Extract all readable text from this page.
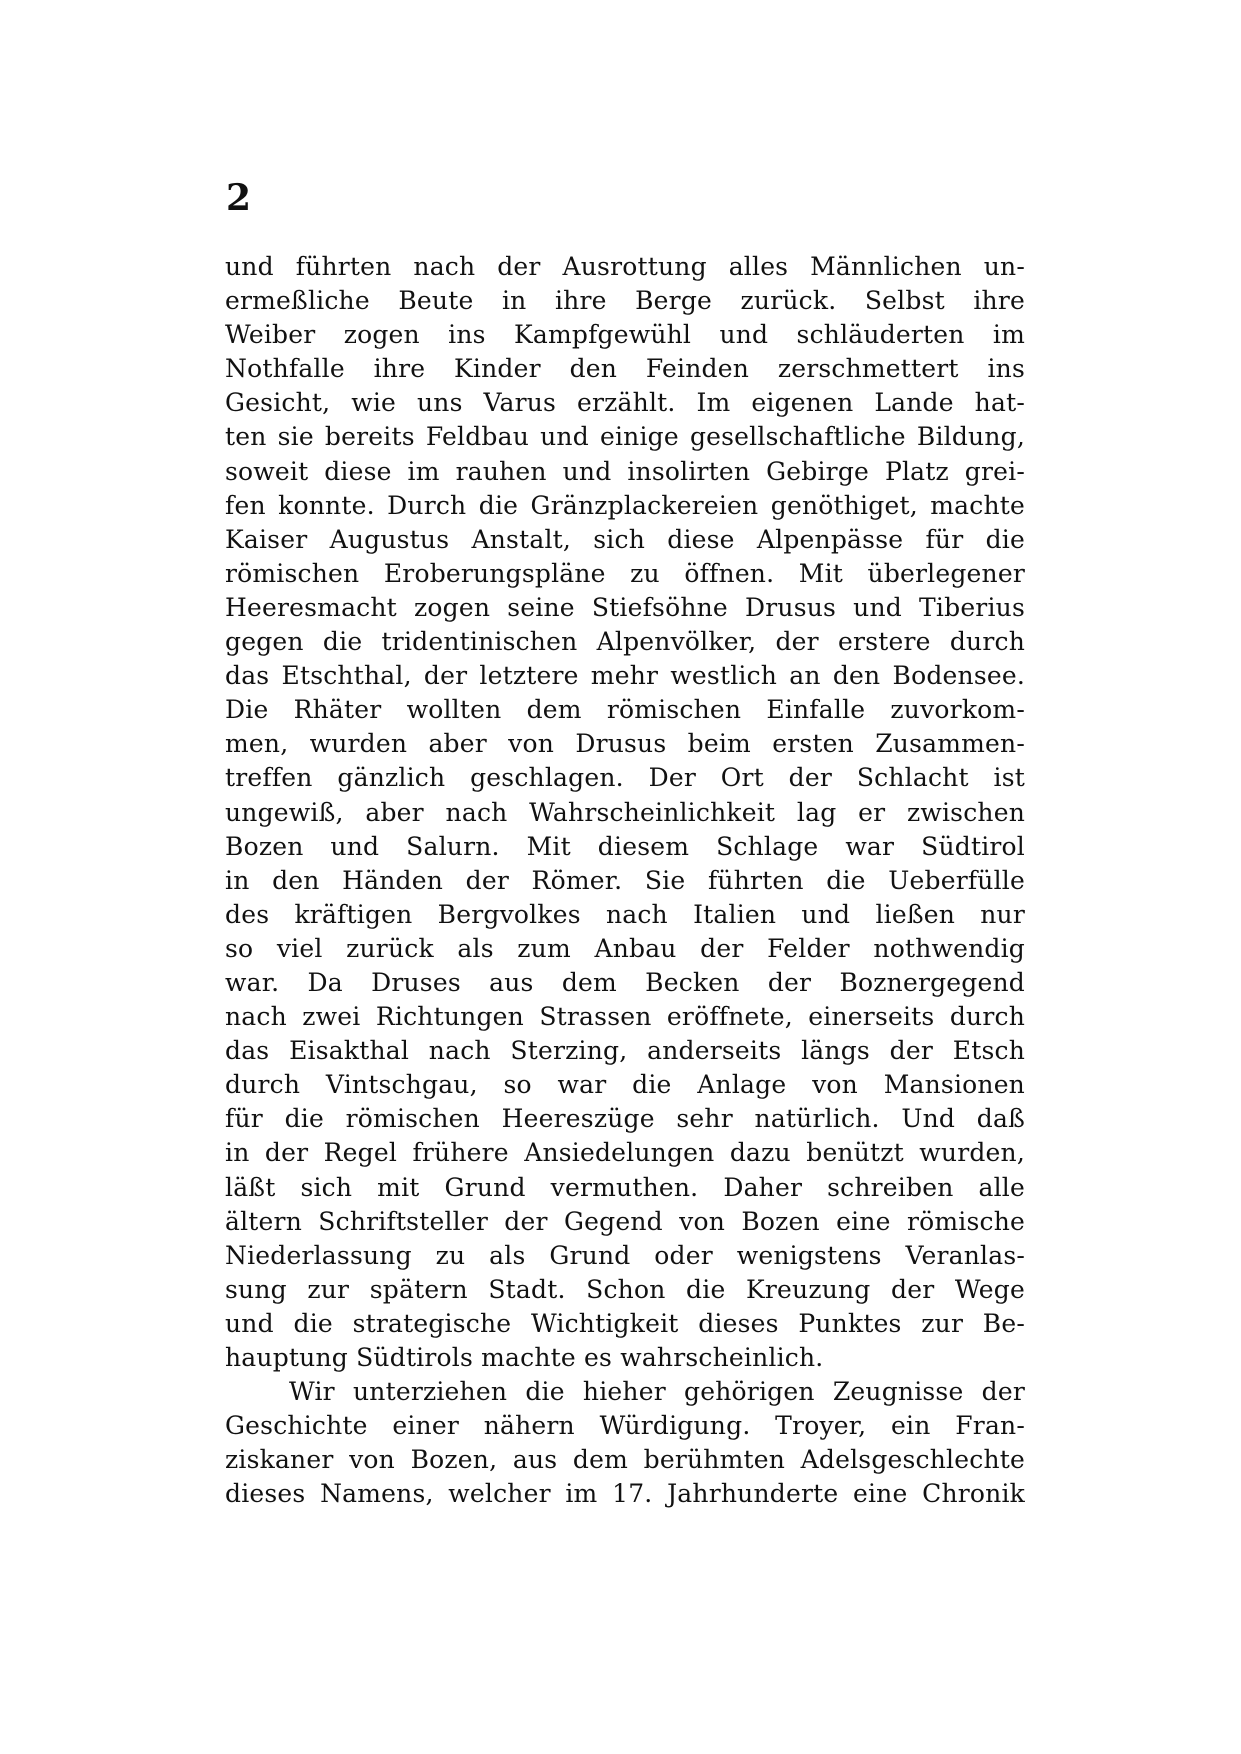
2
und führten nach der Ausrottung alles Männlichen un-
ermeßliche Beute in ihre Berge zurück. Selbst ihre
Weiber zogen ins Kampfgewühl und schläuderten im
Nothfalle ihre Kinder den Feinden zerschmettert ins
Gesicht, wie uns Varus erzählt. Im eigenen Lande hat-
ten sie bereits Feldbau und einige gesellschaftliche Bildung,
soweit diese im rauhen und insolirten Gebirge Platz grei-
fen konnte. Durch die Gränzplackereien genöthiget, machte
Kaiser Augustus Anstalt, sich diese Alpenpässe für die
römischen Eroberungspläne zu öffnen. Mit überlegener
Heeresmacht zogen seine Stiefsöhne Drusus und Tiberius
gegen die tridentinischen Alpenvölker, der erstere durch
das Etschthal, der letztere mehr westlich an den Bodensee.
Die Rhäter wollten dem römischen Einfalle zuvorkom-
men, wurden aber von Drusus beim ersten Zusammen-
treffen gänzlich geschlagen. Der Ort der Schlacht ist
ungewiß, aber nach Wahrscheinlichkeit lag er zwischen
Bozen und Salurn. Mit diesem Schlage war Südtirol
in den Händen der Römer. Sie führten die Ueberfülle
des kräftigen Bergvolkes nach Italien und ließen nur
so viel zurück als zum Anbau der Felder nothwendig
war. Da Druses aus dem Becken der Boznergegend
nach zwei Richtungen Strassen eröffnete, einerseits durch
das Eisakthal nach Sterzing, anderseits längs der Etsch
durch Vintschgau, so war die Anlage von Mansionen
für die römischen Heereszüge sehr natürlich. Und daß
in der Regel frühere Ansiedelungen dazu benützt wurden,
läßt sich mit Grund vermuthen. Daher schreiben alle
ältern Schriftsteller der Gegend von Bozen eine römische
Niederlassung zu als Grund oder wenigstens Veranlas-
sung zur spätern Stadt. Schon die Kreuzung der Wege
und die strategische Wichtigkeit dieses Punktes zur Be-
hauptung Südtirols machte es wahrscheinlich.
Wir unterziehen die hieher gehörigen Zeugnisse der
Geschichte einer nähern Würdigung. Troyer, ein Fran-
ziskaner von Bozen, aus dem berühmten Adelsgeschlechte
dieses Namens, welcher im 17. Jahrhunderte eine Chronik
